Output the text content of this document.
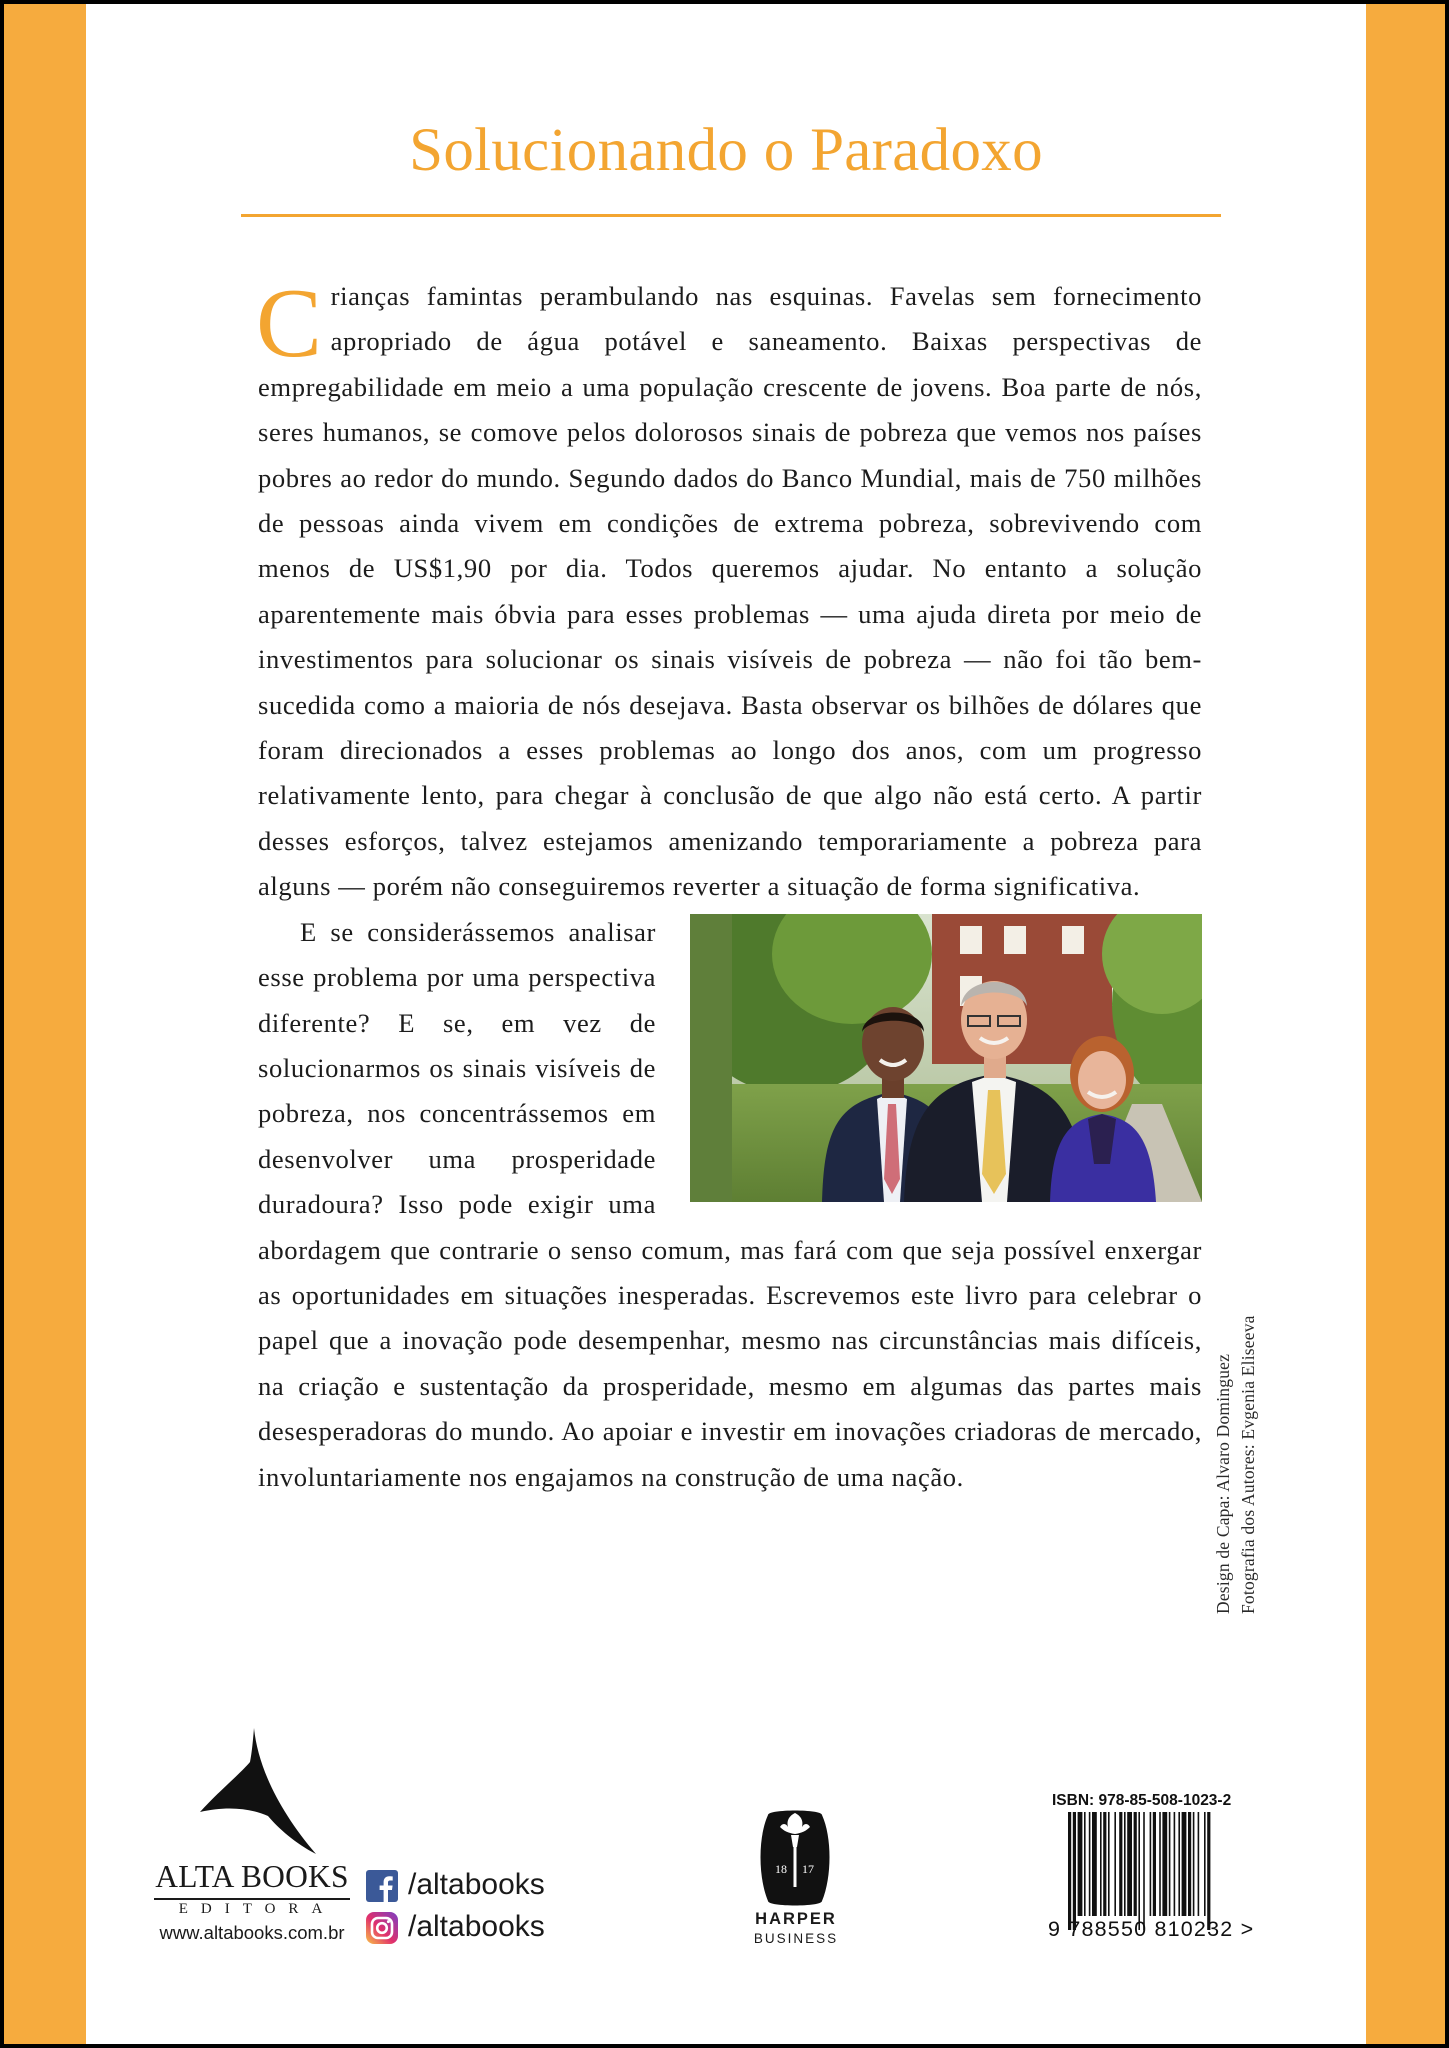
Solucionando o Paradoxo

Crianças famintas perambulando nas esquinas. Favelas sem fornecimento apropriado de água potável e saneamento. Baixas perspectivas de empregabilidade em meio a uma população crescente de jovens. Boa parte de nós, seres humanos, se comove pelos dolorosos sinais de pobreza que vemos nos países pobres ao redor do mundo. Segundo dados do Banco Mundial, mais de 750 milhões de pessoas ainda vivem em condições de extrema pobreza, sobrevivendo com menos de US$1,90 por dia. Todos queremos ajudar. No entanto a solução aparentemente mais óbvia para esses problemas — uma ajuda direta por meio de investimentos para solucionar os sinais visíveis de pobreza — não foi tão bem-sucedida como a maioria de nós desejava. Basta observar os bilhões de dólares que foram direcionados a esses problemas ao longo dos anos, com um progresso relativamente lento, para chegar à conclusão de que algo não está certo. A partir desses esforços, talvez estejamos amenizando temporariamente a pobreza para alguns — porém não conseguiremos reverter a situação de forma significativa.

E se considerássemos analisar esse problema por uma perspectiva diferente? E se, em vez de solucionarmos os sinais visíveis de pobreza, nos concentrássemos em desenvolver uma prosperidade duradoura? Isso pode exigir uma abordagem que contrarie o senso comum, mas fará com que seja possível enxergar as oportunidades em situações inesperadas. Escrevemos este livro para celebrar o papel que a inovação pode desempenhar, mesmo nas circunstâncias mais difíceis, na criação e sustentação da prosperidade, mesmo em algumas das partes mais desesperadoras do mundo. Ao apoiar e investir em inovações criadoras de mercado, involuntariamente nos engajamos na construção de uma nação.	Design de Capa: Alvaro Dominguez Fotografia dos Autores: Evgenia Eliseeva
ALTA BOOKS
EDITORA
www.altabooks.com.br
/altabooks
/altabooks
18 17
HARPER
BUSINESS
ISBN: 978-85-508-1023-2
9 788550 810232 >
